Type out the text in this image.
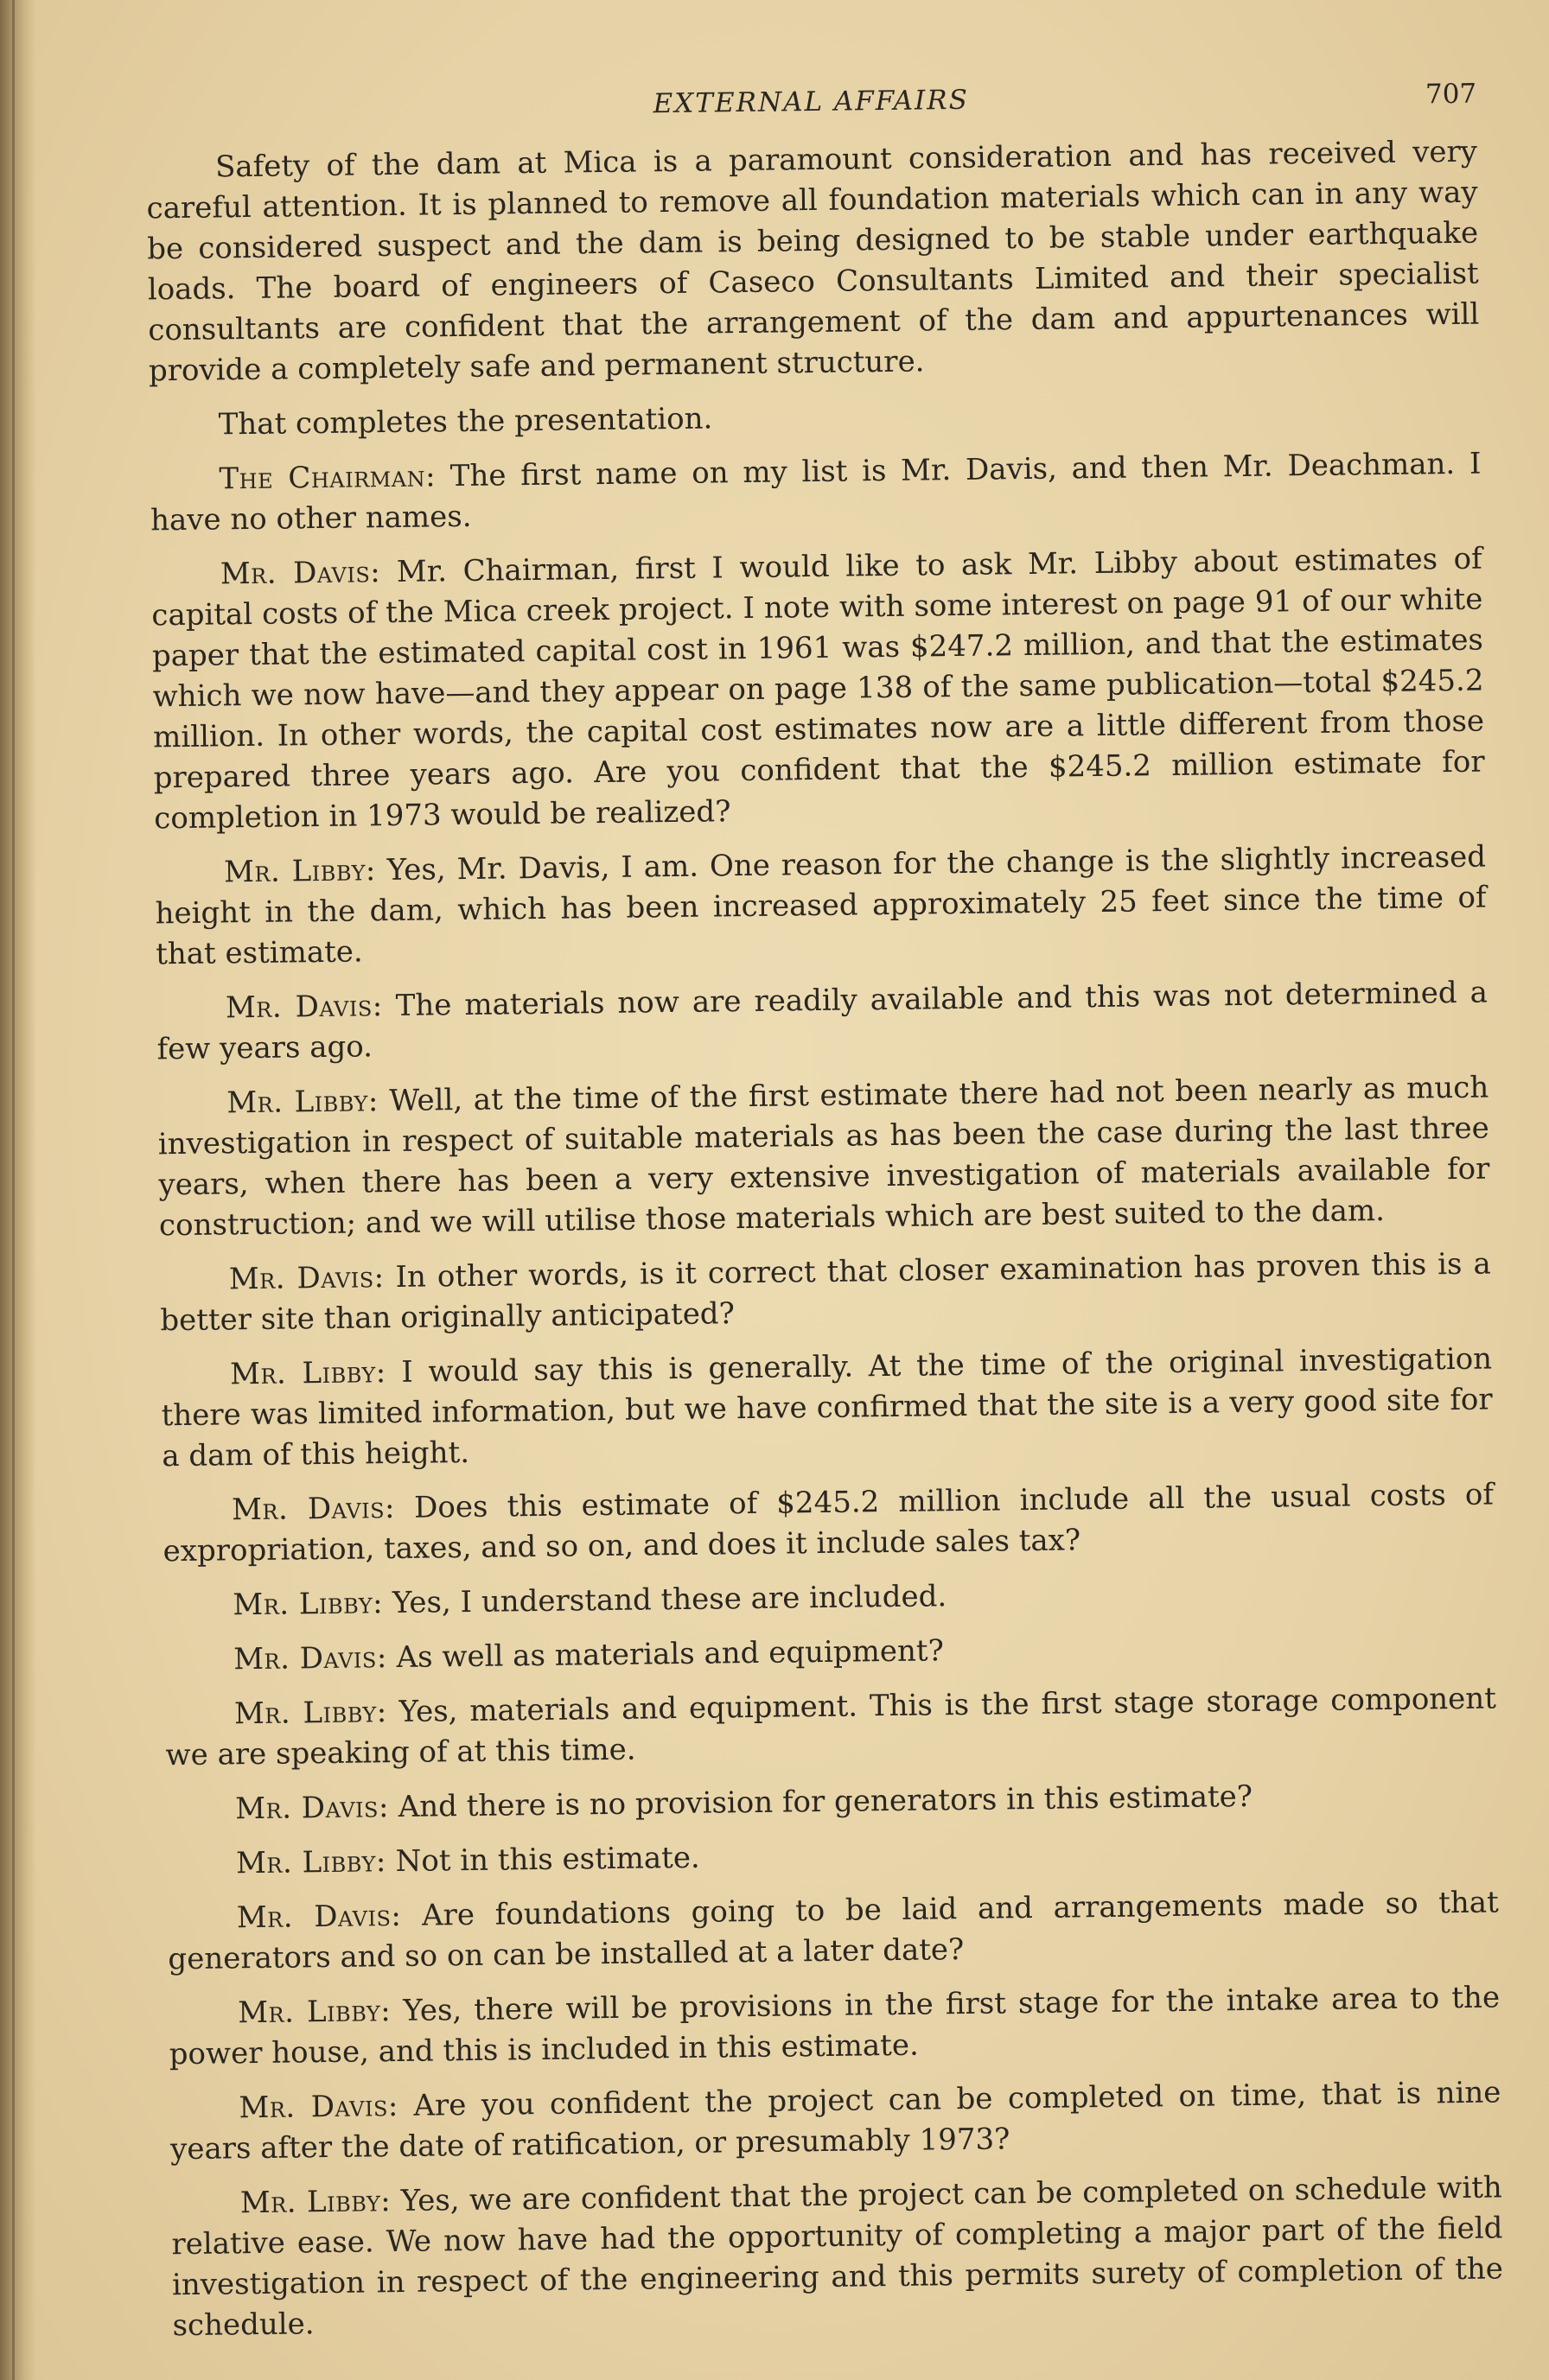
EXTERNAL AFFAIRS	707

Safety of the dam at Mica is a paramount consideration and has received very careful attention. It is planned to remove all foundation materials which can in any way be considered suspect and the dam is being designed to be stable under earthquake loads. The board of engineers of Caseco Consultants Limited and their specialist consultants are confident that the arrangement of the dam and appurtenances will provide a completely safe and permanent structure.

That completes the presentation.

The Chairman: The first name on my list is Mr. Davis, and then Mr. Deachman. I have no other names.

Mr. Davis: Mr. Chairman, first I would like to ask Mr. Libby about estimates of capital costs of the Mica creek project. I note with some interest on page 91 of our white paper that the estimated capital cost in 1961 was $247.2 million, and that the estimates which we now have—and they appear on page 138 of the same publication—total $245.2 million. In other words, the capital cost estimates now are a little different from those prepared three years ago. Are you confident that the $245.2 million estimate for completion in 1973 would be realized?

Mr. Libby: Yes, Mr. Davis, I am. One reason for the change is the slightly increased height in the dam, which has been increased approximately 25 feet since the time of that estimate.

Mr. Davis: The materials now are readily available and this was not determined a few years ago.

Mr. Libby: Well, at the time of the first estimate there had not been nearly as much investigation in respect of suitable materials as has been the case during the last three years, when there has been a very extensive investigation of materials available for construction; and we will utilise those materials which are best suited to the dam.

Mr. Davis: In other words, is it correct that closer examination has proven this is a better site than originally anticipated?

Mr. Libby: I would say this is generally. At the time of the original investigation there was limited information, but we have confirmed that the site is a very good site for a dam of this height.

Mr. Davis: Does this estimate of $245.2 million include all the usual costs of expropriation, taxes, and so on, and does it include sales tax?

Mr. Libby: Yes, I understand these are included.

Mr. Davis: As well as materials and equipment?

Mr. Libby: Yes, materials and equipment. This is the first stage storage component we are speaking of at this time.

Mr. Davis: And there is no provision for generators in this estimate?

Mr. Libby: Not in this estimate.

Mr. Davis: Are foundations going to be laid and arrangements made so that generators and so on can be installed at a later date?

Mr. Libby: Yes, there will be provisions in the first stage for the intake area to the power house, and this is included in this estimate.

Mr. Davis: Are you confident the project can be completed on time, that is nine years after the date of ratification, or presumably 1973?

Mr. Libby: Yes, we are confident that the project can be completed on schedule with relative ease. We now have had the opportunity of completing a major part of the field investigation in respect of the engineering and this permits surety of completion of the schedule.
